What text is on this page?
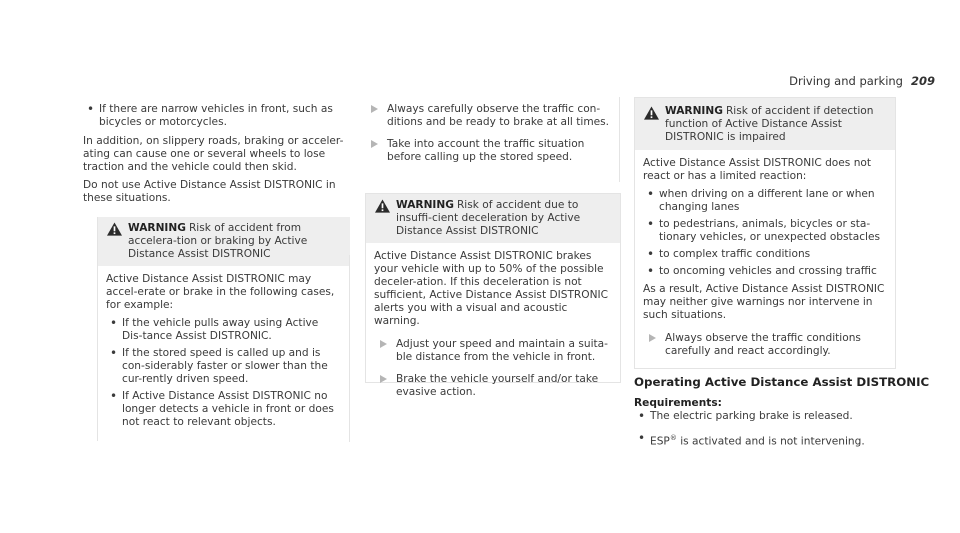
Driving and parking 209
• If there are narrow vehicles in front, such as bicycles or motorcycles.

In addition, on slippery roads, braking or acceler-ating can cause one or several wheels to lose traction and the vehicle could then skid.

Do not use Active Distance Assist DISTRONIC in these situations.

WARNING Risk of accident from accelera-tion or braking by Active Distance Assist DISTRONIC

Active Distance Assist DISTRONIC may accel-erate or brake in the following cases, for example:

• If the vehicle pulls away using Active Dis-tance Assist DISTRONIC.
• If the stored speed is called up and is con-siderably faster or slower than the cur-rently driven speed.
• If Active Distance Assist DISTRONIC no longer detects a vehicle in front or does not react to relevant objects.
Always carefully observe the traffic con-ditions and be ready to brake at all times.
Take into account the traffic situation before calling up the stored speed.
WARNING Risk of accident due to insuffi-cient deceleration by Active Distance Assist DISTRONIC

Active Distance Assist DISTRONIC brakes your vehicle with up to 50% of the possible deceler-ation. If this deceleration is not sufficient, Active Distance Assist DISTRONIC alerts you with a visual and acoustic warning.

Adjust your speed and maintain a suita-ble distance from the vehicle in front.
Brake the vehicle yourself and/or take evasive action.
WARNING Risk of accident if detection function of Active Distance Assist DISTRONIC is impaired

Active Distance Assist DISTRONIC does not react or has a limited reaction:

• when driving on a different lane or when changing lanes
• to pedestrians, animals, bicycles or sta-tionary vehicles, or unexpected obstacles
• to complex traffic conditions
• to oncoming vehicles and crossing traffic

As a result, Active Distance Assist DISTRONIC may neither give warnings nor intervene in such situations.

Always observe the traffic conditions carefully and react accordingly.
Operating Active Distance Assist DISTRONIC
Requirements:
• The electric parking brake is released.
• ESP® is activated and is not intervening.
